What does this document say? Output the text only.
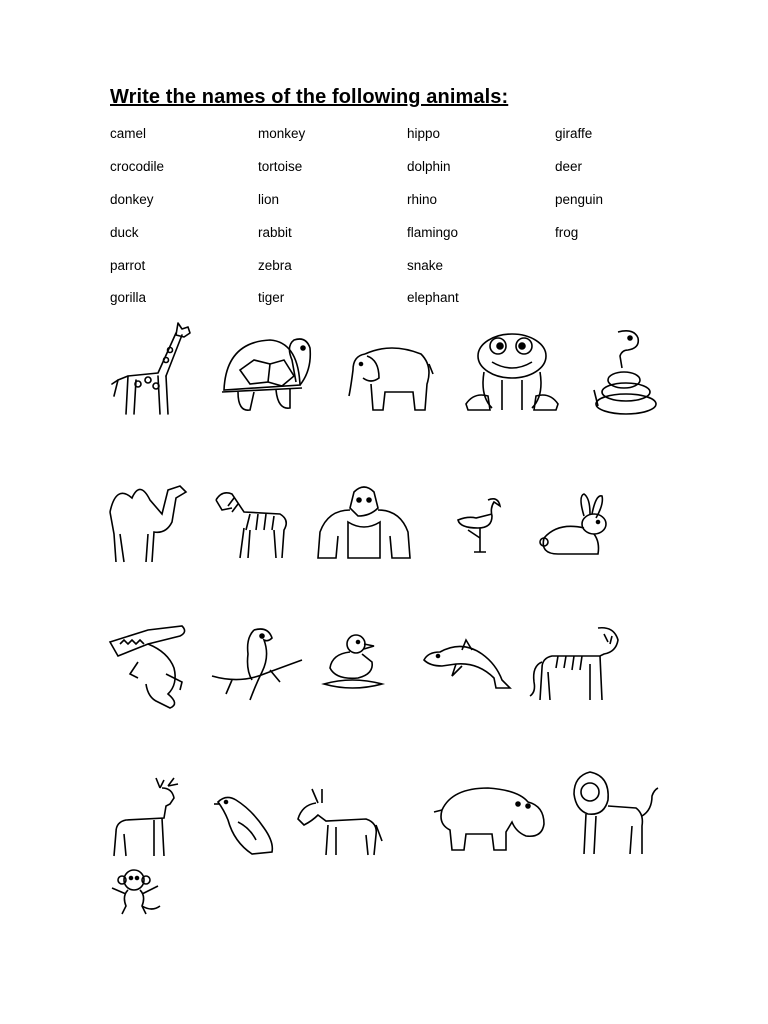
Write the names of the following animals:
camel	monkey	hippo	giraffe
crocodile	tortoise	dolphin	deer
donkey	lion	rhino	penguin
duck	rabbit	flamingo	frog
parrot	zebra	snake
gorilla	tiger	elephant
